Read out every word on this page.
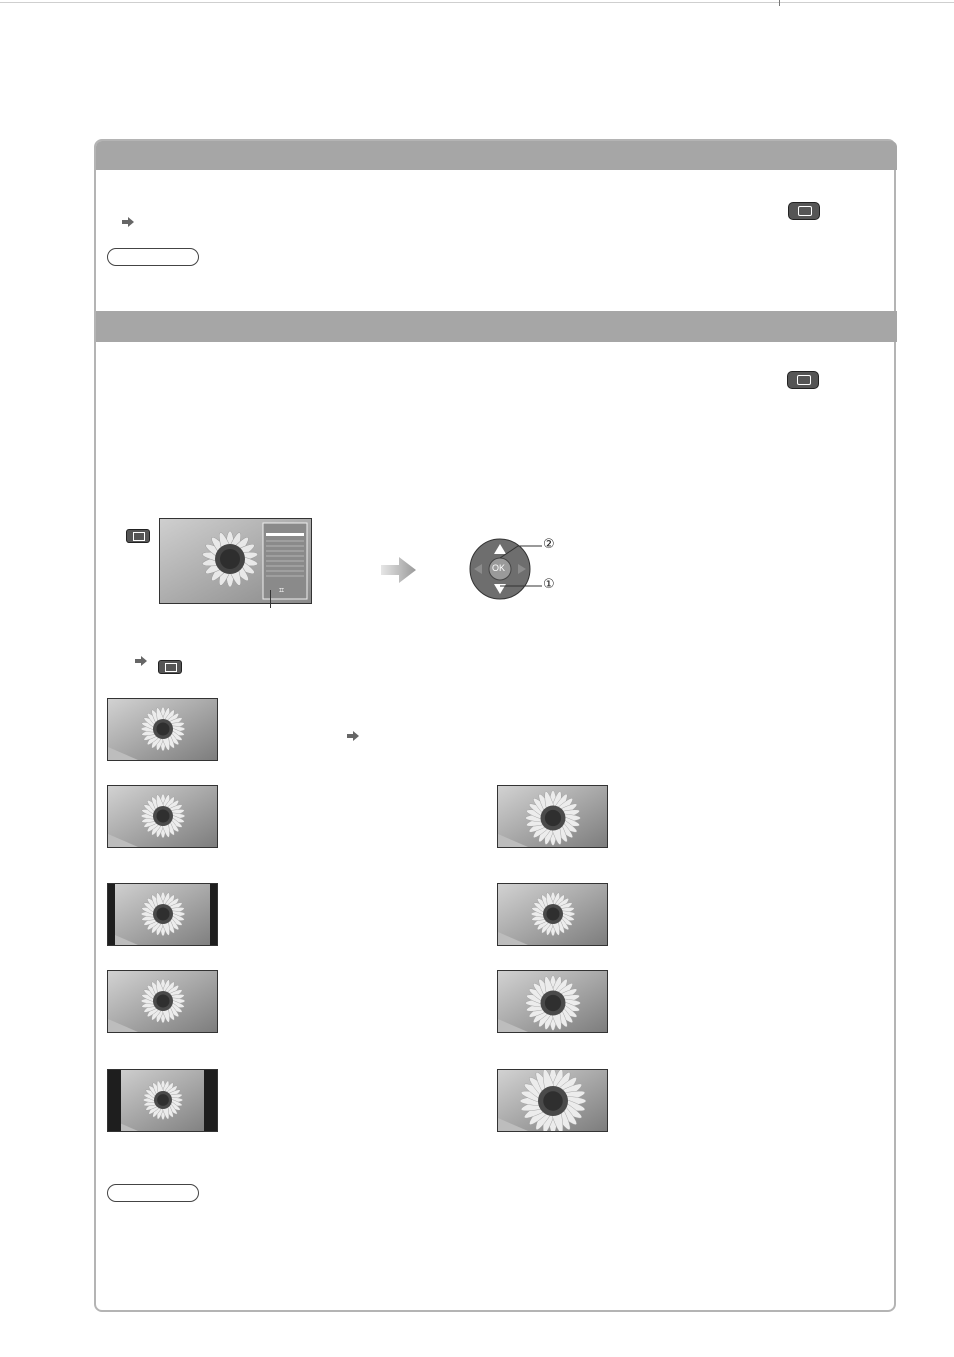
⌗
OK
②
①
